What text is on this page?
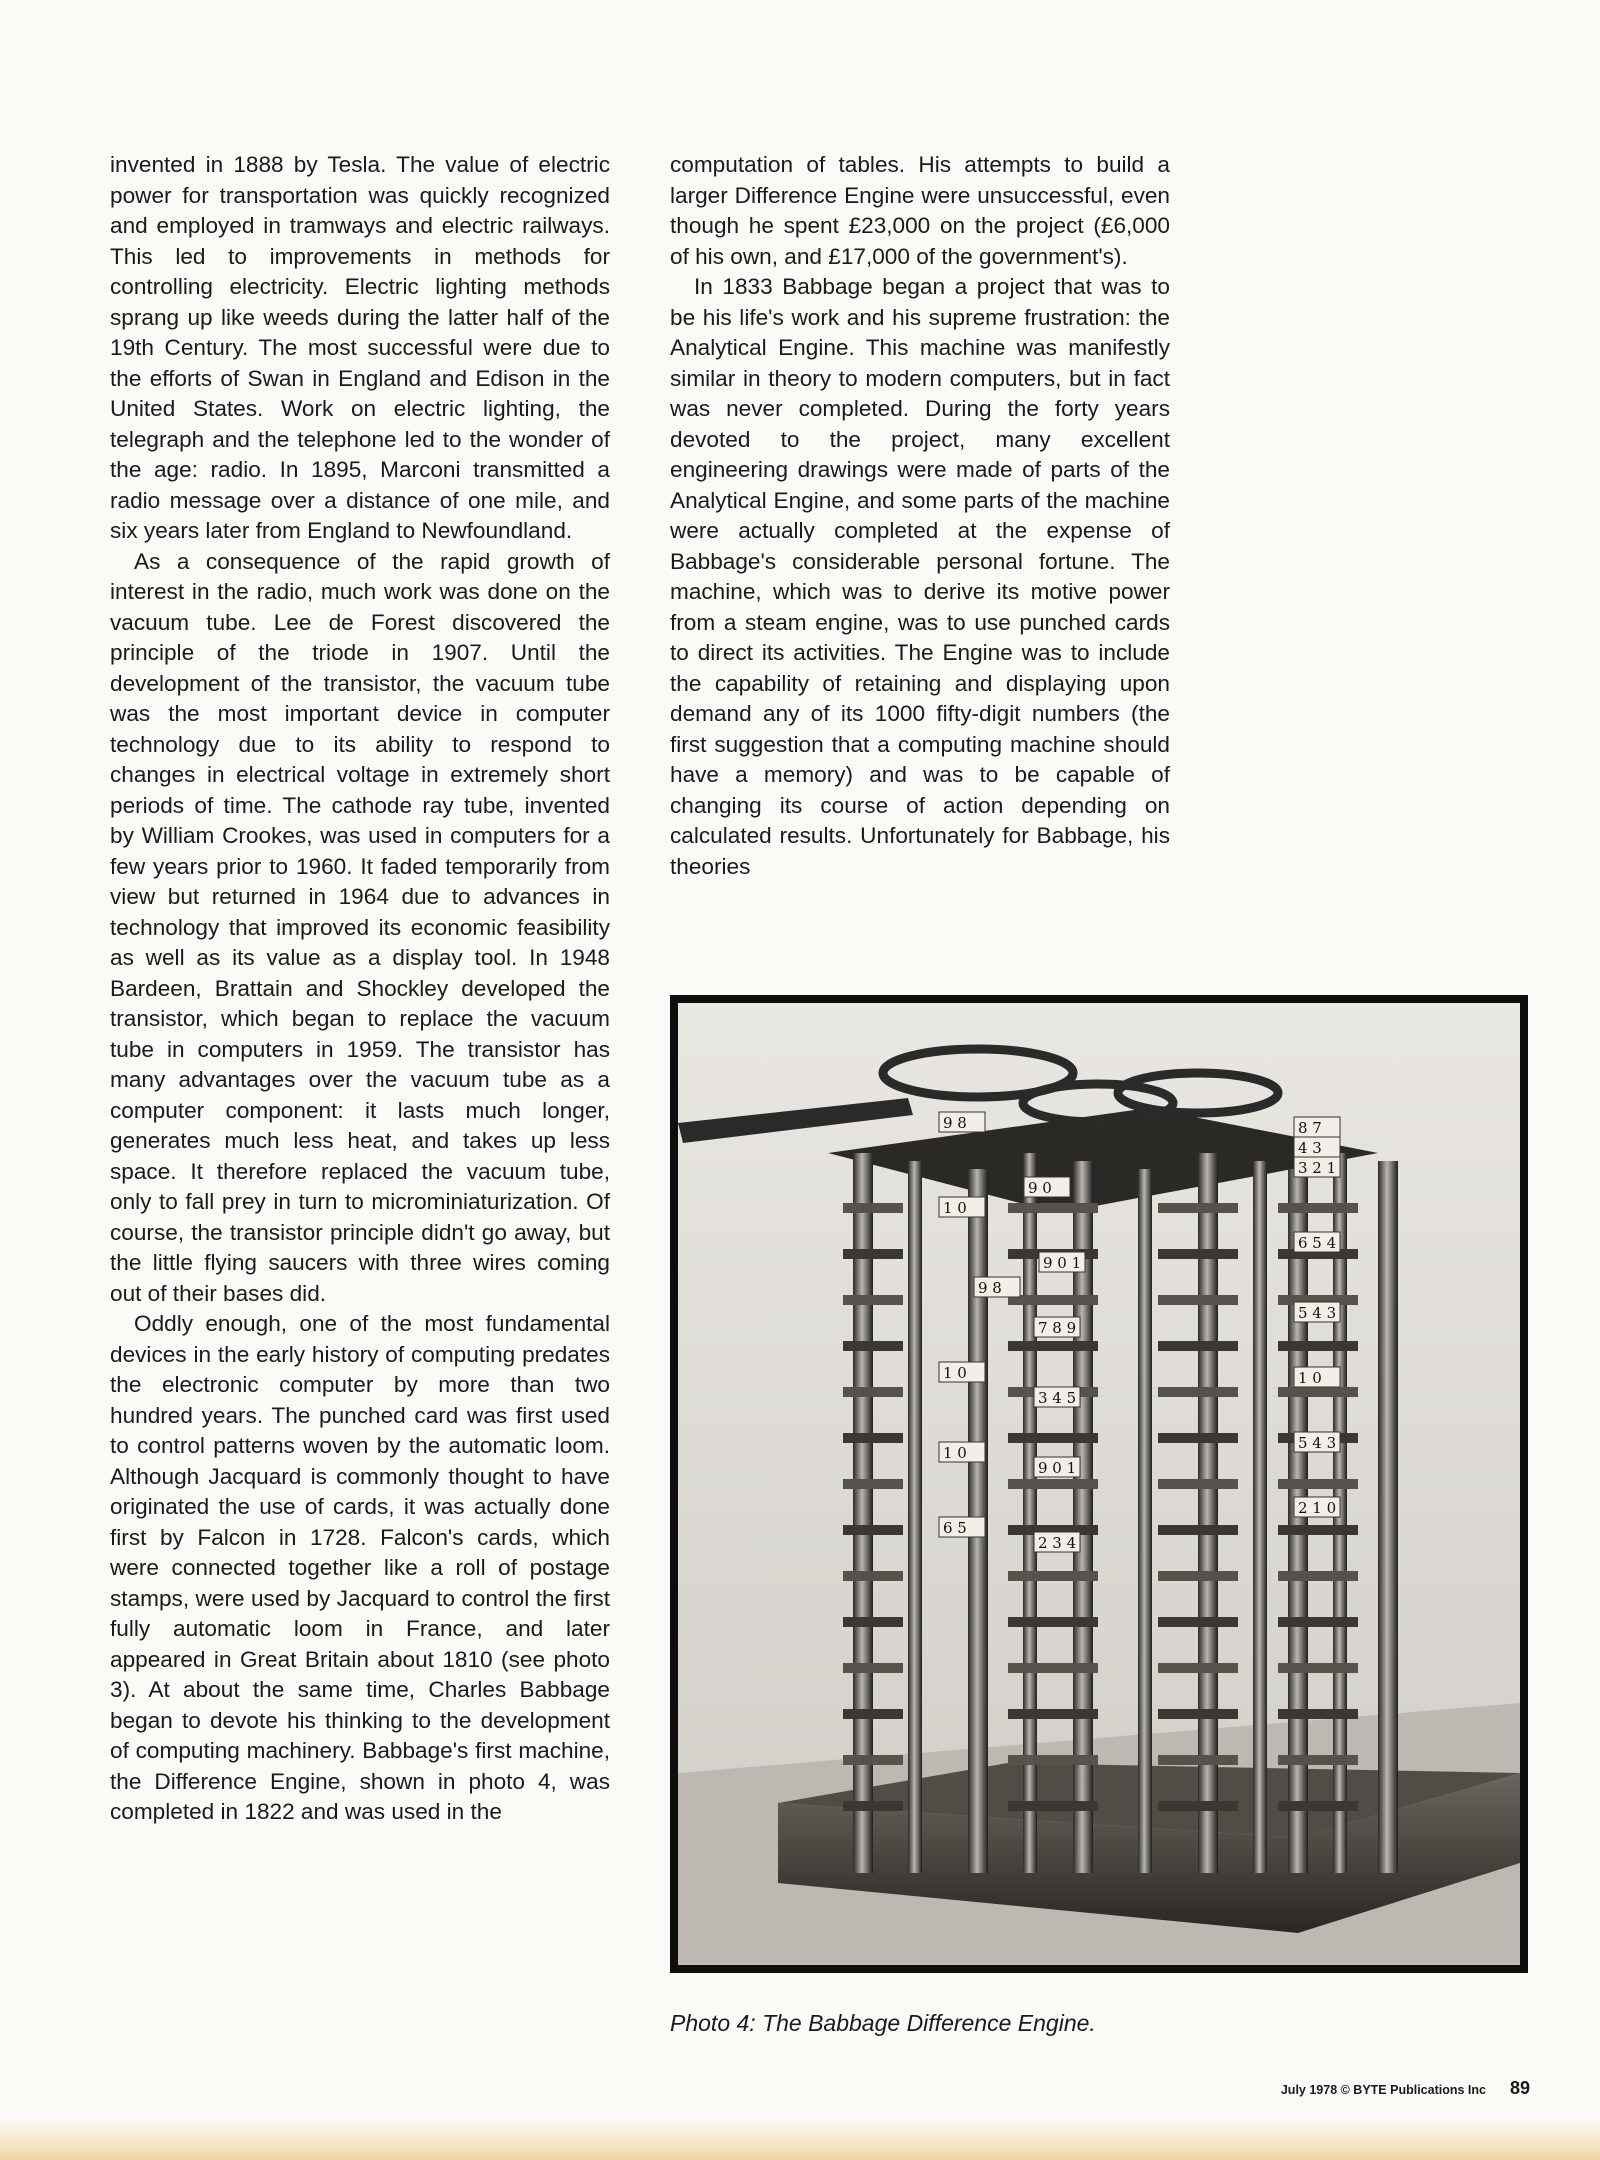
invented in 1888 by Tesla. The value of electric power for transportation was quickly recognized and employed in tramways and electric railways. This led to improvements in methods for controlling electricity. Electric lighting methods sprang up like weeds during the latter half of the 19th Century. The most successful were due to the efforts of Swan in England and Edison in the United States. Work on electric lighting, the telegraph and the telephone led to the wonder of the age: radio. In 1895, Marconi transmitted a radio message over a distance of one mile, and six years later from England to Newfoundland.

As a consequence of the rapid growth of interest in the radio, much work was done on the vacuum tube. Lee de Forest discovered the principle of the triode in 1907. Until the development of the transistor, the vacuum tube was the most important device in computer technology due to its ability to respond to changes in electrical voltage in extremely short periods of time. The cathode ray tube, invented by William Crookes, was used in computers for a few years prior to 1960. It faded temporarily from view but returned in 1964 due to advances in technology that improved its economic feasibility as well as its value as a display tool. In 1948 Bardeen, Brattain and Shockley developed the transistor, which began to replace the vacuum tube in computers in 1959. The transistor has many advantages over the vacuum tube as a computer component: it lasts much longer, generates much less heat, and takes up less space. It therefore replaced the vacuum tube, only to fall prey in turn to microminiaturization. Of course, the transistor principle didn't go away, but the little flying saucers with three wires coming out of their bases did.

Oddly enough, one of the most fundamental devices in the early history of computing predates the electronic computer by more than two hundred years. The punched card was first used to control patterns woven by the automatic loom. Although Jacquard is commonly thought to have originated the use of cards, it was actually done first by Falcon in 1728. Falcon's cards, which were connected together like a roll of postage stamps, were used by Jacquard to control the first fully automatic loom in France, and later appeared in Great Britain about 1810 (see photo 3). At about the same time, Charles Babbage began to devote his thinking to the development of computing machinery. Babbage's first machine, the Difference Engine, shown in photo 4, was completed in 1822 and was used in the

computation of tables. His attempts to build a larger Difference Engine were unsuccessful, even though he spent £23,000 on the project (£6,000 of his own, and £17,000 of the government's).

In 1833 Babbage began a project that was to be his life's work and his supreme frustration: the Analytical Engine. This machine was manifestly similar in theory to modern computers, but in fact was never completed. During the forty years devoted to the project, many excellent engineering drawings were made of parts of the Analytical Engine, and some parts of the machine were actually completed at the expense of Babbage's considerable personal fortune. The machine, which was to derive its motive power from a steam engine, was to use punched cards to direct its activities. The Engine was to include the capability of retaining and displaying upon demand any of its 1000 fifty-digit numbers (the first suggestion that a computing machine should have a memory) and was to be capable of changing its course of action depending on calculated results. Unfortunately for Babbage, his theories

9 8
1 0
9 8
1 0
1 0
6 5
9 0
9 0 1
7 8 9
3 4 5
9 0 1
2 3 4
8 7
4 3
3 2 1
6 5 4
5 4 3
1 0
5 4 3
2 1 0
Photo 4: The Babbage Difference Engine.
July 1978 © BYTE Publications Inc 89
